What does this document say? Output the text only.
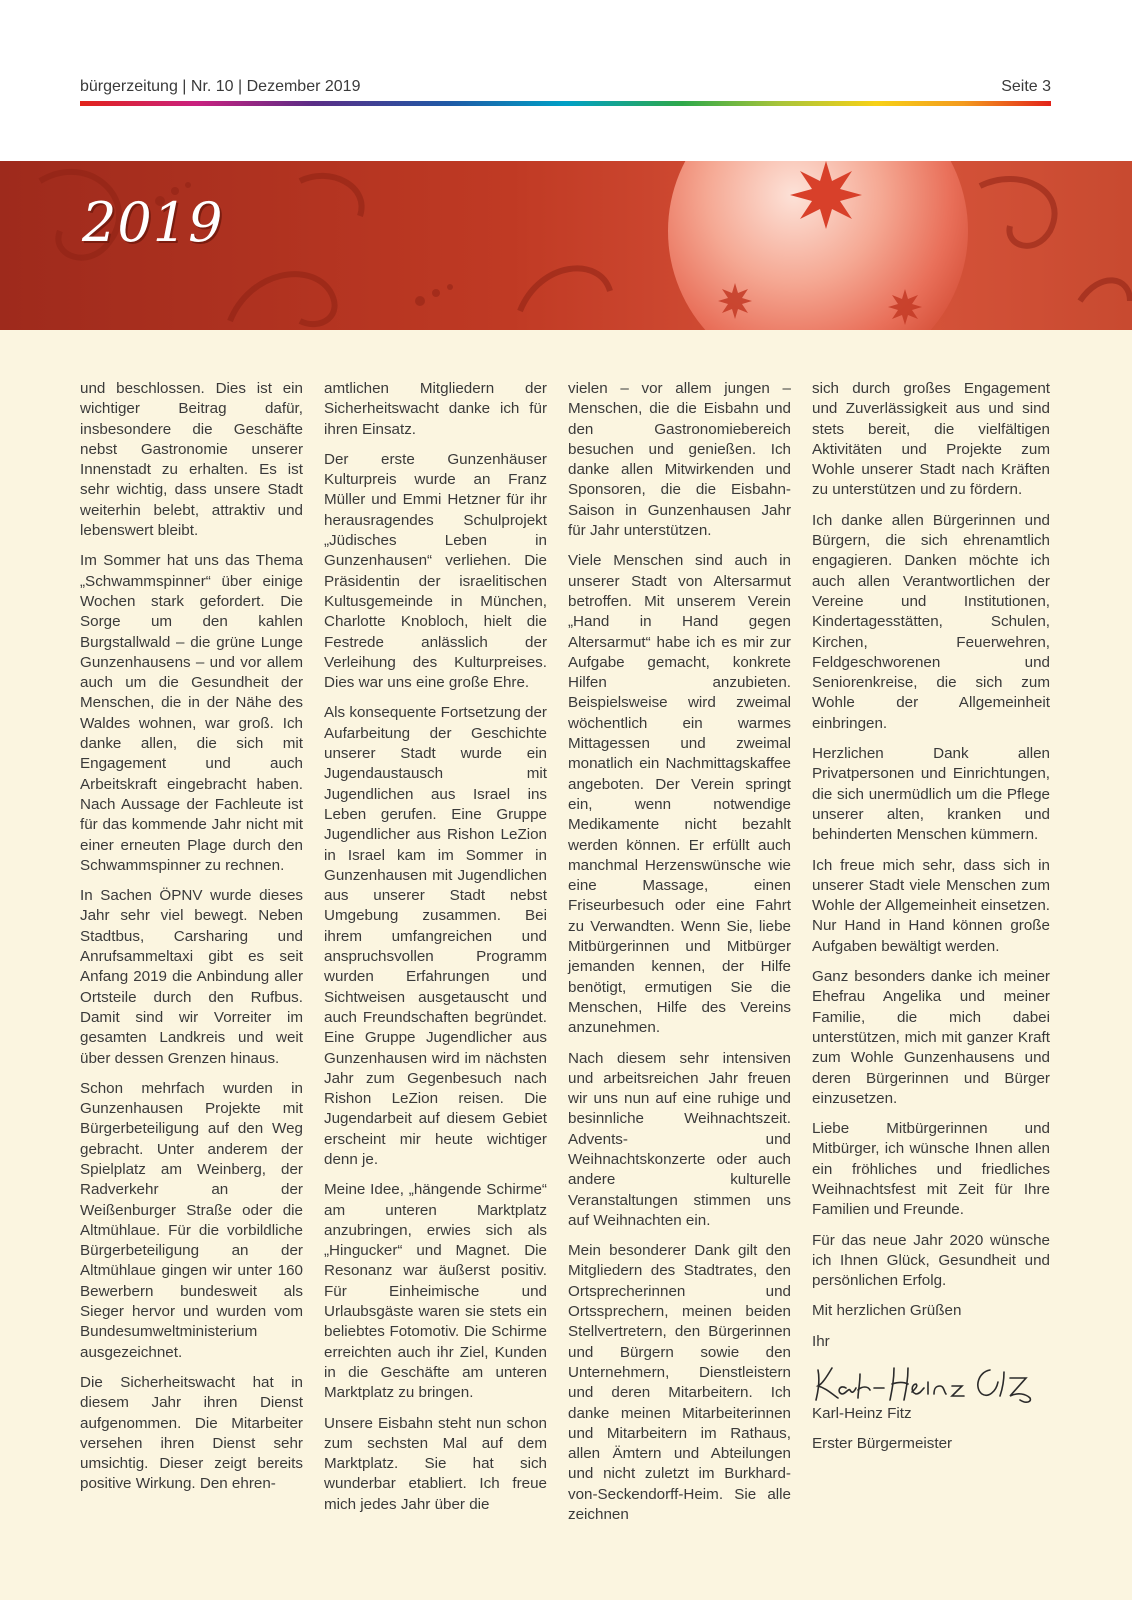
bürgerzeitung | Nr. 10 | Dezember 2019	Seite 3
2019

und beschlossen. Dies ist ein wichtiger Beitrag dafür, insbesondere die Geschäfte nebst Gastronomie unserer Innenstadt zu erhalten. Es ist sehr wichtig, dass unsere Stadt weiterhin belebt, attraktiv und lebenswert bleibt.

Im Sommer hat uns das Thema „Schwammspinner“ über einige Wochen stark gefordert. Die Sorge um den kahlen Burgstallwald – die grüne Lunge Gunzenhausens – und vor allem auch um die Gesundheit der Menschen, die in der Nähe des Waldes wohnen, war groß. Ich danke allen, die sich mit Engagement und auch Arbeitskraft eingebracht haben. Nach Aussage der Fachleute ist für das kommende Jahr nicht mit einer erneuten Plage durch den Schwammspinner zu rechnen.

In Sachen ÖPNV wurde dieses Jahr sehr viel bewegt. Neben Stadtbus, Carsharing und Anrufsammeltaxi gibt es seit Anfang 2019 die Anbindung aller Ortsteile durch den Rufbus. Damit sind wir Vorreiter im gesamten Landkreis und weit über dessen Grenzen hinaus.

Schon mehrfach wurden in Gunzenhausen Projekte mit Bürgerbeteiligung auf den Weg gebracht. Unter anderem der Spielplatz am Weinberg, der Radverkehr an der Weißenburger Straße oder die Altmühlaue. Für die vorbildliche Bürgerbeteiligung an der Altmühlaue gingen wir unter 160 Bewerbern bundesweit als Sieger hervor und wurden vom Bundesumweltministerium ausgezeichnet.

Die Sicherheitswacht hat in diesem Jahr ihren Dienst aufgenommen. Die Mitarbeiter versehen ihren Dienst sehr umsichtig. Dieser zeigt bereits positive Wirkung. Den ehren-

amtlichen Mitgliedern der Sicherheitswacht danke ich für ihren Einsatz.

Der erste Gunzenhäuser Kulturpreis wurde an Franz Müller und Emmi Hetzner für ihr herausragendes Schulprojekt „Jüdisches Leben in Gunzenhausen“ verliehen. Die Präsidentin der israelitischen Kultusgemeinde in München, Charlotte Knobloch, hielt die Festrede anlässlich der Verleihung des Kulturpreises. Dies war uns eine große Ehre.

Als konsequente Fortsetzung der Aufarbeitung der Geschichte unserer Stadt wurde ein Jugendaustausch mit Jugendlichen aus Israel ins Leben gerufen. Eine Gruppe Jugendlicher aus Rishon LeZion in Israel kam im Sommer in Gunzenhausen mit Jugendlichen aus unserer Stadt nebst Umgebung zusammen. Bei ihrem umfangreichen und anspruchsvollen Programm wurden Erfahrungen und Sichtweisen ausgetauscht und auch Freundschaften begründet. Eine Gruppe Jugendlicher aus Gunzenhausen wird im nächsten Jahr zum Gegenbesuch nach Rishon LeZion reisen. Die Jugendarbeit auf diesem Gebiet erscheint mir heute wichtiger denn je.

Meine Idee, „hängende Schirme“ am unteren Marktplatz anzubringen, erwies sich als „Hingucker“ und Magnet. Die Resonanz war äußerst positiv. Für Einheimische und Urlaubsgäste waren sie stets ein beliebtes Fotomotiv. Die Schirme erreichten auch ihr Ziel, Kunden in die Geschäfte am unteren Marktplatz zu bringen.

Unsere Eisbahn steht nun schon zum sechsten Mal auf dem Marktplatz. Sie hat sich wunderbar etabliert. Ich freue mich jedes Jahr über die

vielen – vor allem jungen – Menschen, die die Eisbahn und den Gastronomiebereich besuchen und genießen. Ich danke allen Mitwirkenden und Sponsoren, die die Eisbahn-Saison in Gunzenhausen Jahr für Jahr unterstützen.

Viele Menschen sind auch in unserer Stadt von Altersarmut betroffen. Mit unserem Verein „Hand in Hand gegen Altersarmut“ habe ich es mir zur Aufgabe gemacht, konkrete Hilfen anzubieten. Beispielsweise wird zweimal wöchentlich ein warmes Mittagessen und zweimal monatlich ein Nachmittagskaffee angeboten. Der Verein springt ein, wenn notwendige Medikamente nicht bezahlt werden können. Er erfüllt auch manchmal Herzenswünsche wie eine Massage, einen Friseurbesuch oder eine Fahrt zu Verwandten. Wenn Sie, liebe Mitbürgerinnen und Mitbürger jemanden kennen, der Hilfe benötigt, ermutigen Sie die Menschen, Hilfe des Vereins anzunehmen.

Nach diesem sehr intensiven und arbeitsreichen Jahr freuen wir uns nun auf eine ruhige und besinnliche Weihnachtszeit. Advents- und Weihnachtskonzerte oder auch andere kulturelle Veranstaltungen stimmen uns auf Weihnachten ein.

Mein besonderer Dank gilt den Mitgliedern des Stadtrates, den Ortsprecherinnen und Ortssprechern, meinen beiden Stellvertretern, den Bürgerinnen und Bürgern sowie den Unternehmern, Dienstleistern und deren Mitarbeitern. Ich danke meinen Mitarbeiterinnen und Mitarbeitern im Rathaus, allen Ämtern und Abteilungen und nicht zuletzt im Burkhard-von-Seckendorff-Heim. Sie alle zeichnen

sich durch großes Engagement und Zuverlässigkeit aus und sind stets bereit, die vielfältigen Aktivitäten und Projekte zum Wohle unserer Stadt nach Kräften zu unterstützen und zu fördern.

Ich danke allen Bürgerinnen und Bürgern, die sich ehrenamtlich engagieren. Danken möchte ich auch allen Verantwortlichen der Vereine und Institutionen, Kindertagesstätten, Schulen, Kirchen, Feuerwehren, Feldgeschworenen und Seniorenkreise, die sich zum Wohle der Allgemeinheit einbringen.

Herzlichen Dank allen Privatpersonen und Einrichtungen, die sich unermüdlich um die Pflege unserer alten, kranken und behinderten Menschen kümmern.

Ich freue mich sehr, dass sich in unserer Stadt viele Menschen zum Wohle der Allgemeinheit einsetzen. Nur Hand in Hand können große Aufgaben bewältigt werden.

Ganz besonders danke ich meiner Ehefrau Angelika und meiner Familie, die mich dabei unterstützen, mich mit ganzer Kraft zum Wohle Gunzenhausens und deren Bürgerinnen und Bürger einzusetzen.

Liebe Mitbürgerinnen und Mitbürger, ich wünsche Ihnen allen ein fröhliches und friedliches Weihnachtsfest mit Zeit für Ihre Familien und Freunde.

Für das neue Jahr 2020 wünsche ich Ihnen Glück, Gesundheit und persönlichen Erfolg.

Mit herzlichen Grüßen

Ihr

Karl-Heinz Fitz

Erster Bürgermeister
